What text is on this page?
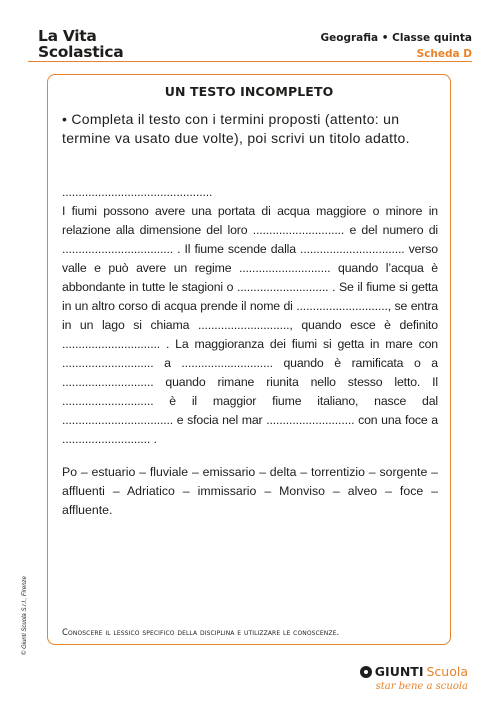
La Vita
Scolastica
Geografia • Classe quinta
Scheda D
UN TESTO INCOMPLETO
• Completa il testo con i termini proposti (attento: un termine va usato due volte), poi scrivi un titolo adatto.

..............................................

I fiumi possono avere una portata di acqua maggiore o minore in relazione alla dimensione del loro ............................ e del numero di .................................. . Il fiume scende dalla ................................ verso valle e può avere un regime ............................ quando l’acqua è abbondante in tutte le stagioni o ............................ . Se il fiume si getta in un altro corso di acqua prende il nome di ............................, se entra in un lago si chiama ............................, quando esce è definito .............................. . La maggioranza dei fiumi si getta in mare con ............................ a ............................ quando è ramificata o a ............................ quando rimane riunita nello stesso letto. Il ............................ è il maggior fiume italiano, nasce dal .................................. e sfocia nel mar ........................... con una foce a ........................... .

Po – estuario – fluviale – emissario – delta – torrentizio – sorgente – affluenti – Adriatico – immissario – Monviso – alveo – foce – affluente.
Conoscere il lessico specifico della disciplina e utilizzare le conoscenze.
© Giunti Scuola S.r.l., Firenze
GIUNTI Scuola
star bene a scuola
